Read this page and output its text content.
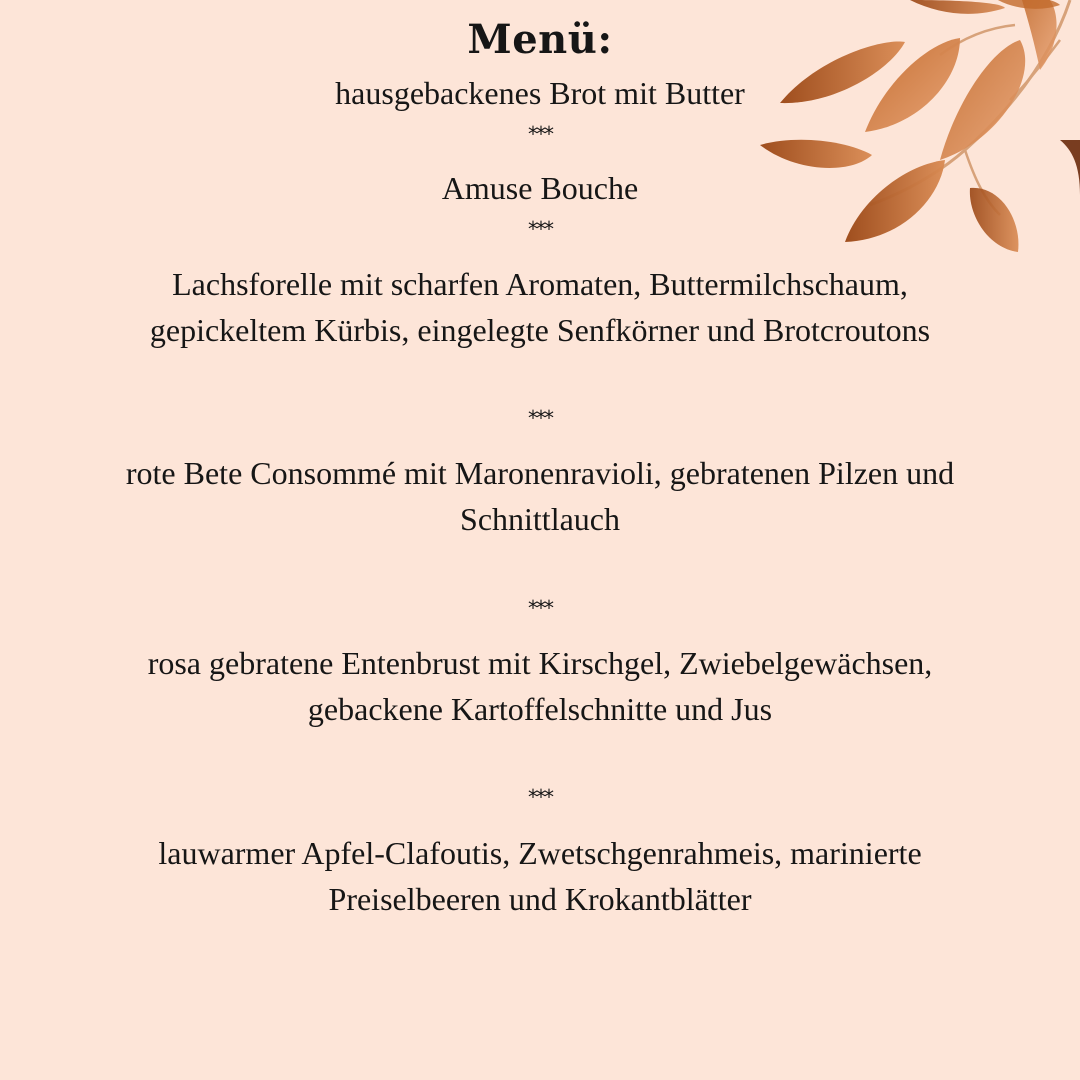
Menü:
hausgebackenes Brot mit Butter
***
Amuse Bouche
***
Lachsforelle mit scharfen Aromaten, Buttermilchschaum,
gepickeltem Kürbis, eingelegte Senfkörner und Brotcroutons
***
rote Bete Consommé mit Maronenravioli, gebratenen Pilzen und
Schnittlauch
***
rosa gebratene Entenbrust mit Kirschgel, Zwiebelgewächsen,
gebackene Kartoffelschnitte und Jus
***
lauwarmer Apfel-Clafoutis, Zwetschgenrahmeis, marinierte
Preiselbeeren und Krokantblätter
